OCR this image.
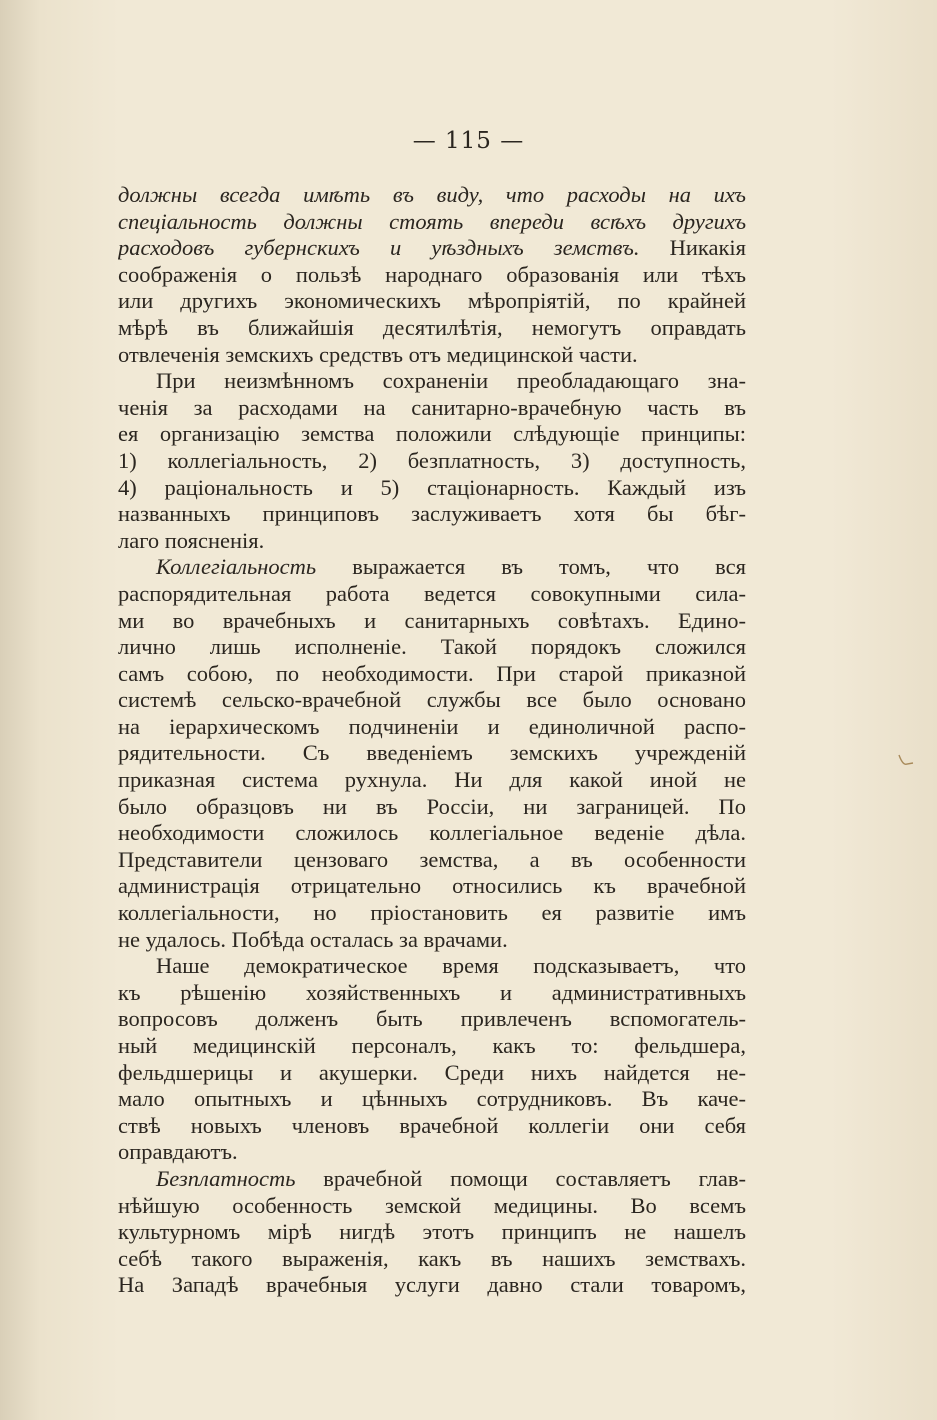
— 115 —
должны всегда имѣть въ виду, что расходы на ихъ
спеціальность должны стоять впереди всѣхъ другихъ
расходовъ губернскихъ и уѣздныхъ земствъ. Никакія
соображенія о пользѣ народнаго образованія или тѣхъ
или другихъ экономическихъ мѣропріятій, по крайней
мѣрѣ въ ближайшія десятилѣтія, немогутъ оправдать
отвлеченія земскихъ средствъ отъ медицинской части.
При неизмѣнномъ сохраненіи преобладающаго зна-
ченія за расходами на санитарно-врачебную часть въ
ея организацію земства положили слѣдующіе принципы:
1) коллегіальность, 2) безплатность, 3) доступность,
4) раціональность и 5) стаціонарность. Каждый изъ
названныхъ принциповъ заслуживаетъ хотя бы бѣг-
лаго поясненія.
Коллегіальность выражается въ томъ, что вся
распорядительная работа ведется совокупными сила-
ми во врачебныхъ и санитарныхъ совѣтахъ. Едино-
лично лишь исполненіе. Такой порядокъ сложился
самъ собою, по необходимости. При старой приказной
системѣ сельско-врачебной службы все было основано
на іерархическомъ подчиненіи и единоличной распо-
рядительности. Съ введеніемъ земскихъ учрежденій
приказная система рухнула. Ни для какой иной не
было образцовъ ни въ Россіи, ни заграницей. По
необходимости сложилось коллегіальное веденіе дѣла.
Представители цензоваго земства, а въ особенности
администрація отрицательно относились къ врачебной
коллегіальности, но пріостановить ея развитіе имъ
не удалось. Побѣда осталась за врачами.
Наше демократическое время подсказываетъ, что
къ рѣшенію хозяйственныхъ и административныхъ
вопросовъ долженъ быть привлеченъ вспомогатель-
ный медицинскій персоналъ, какъ то: фельдшера,
фельдшерицы и акушерки. Среди нихъ найдется не-
мало опытныхъ и цѣнныхъ сотрудниковъ. Въ каче-
ствѣ новыхъ членовъ врачебной коллегіи они себя
оправдаютъ.
Безплатность врачебной помощи составляетъ глав-
нѣйшую особенность земской медицины. Во всемъ
культурномъ мірѣ нигдѣ этотъ принципъ не нашелъ
себѣ такого выраженія, какъ въ нашихъ земствахъ.
На Западѣ врачебныя услуги давно стали товаромъ,
